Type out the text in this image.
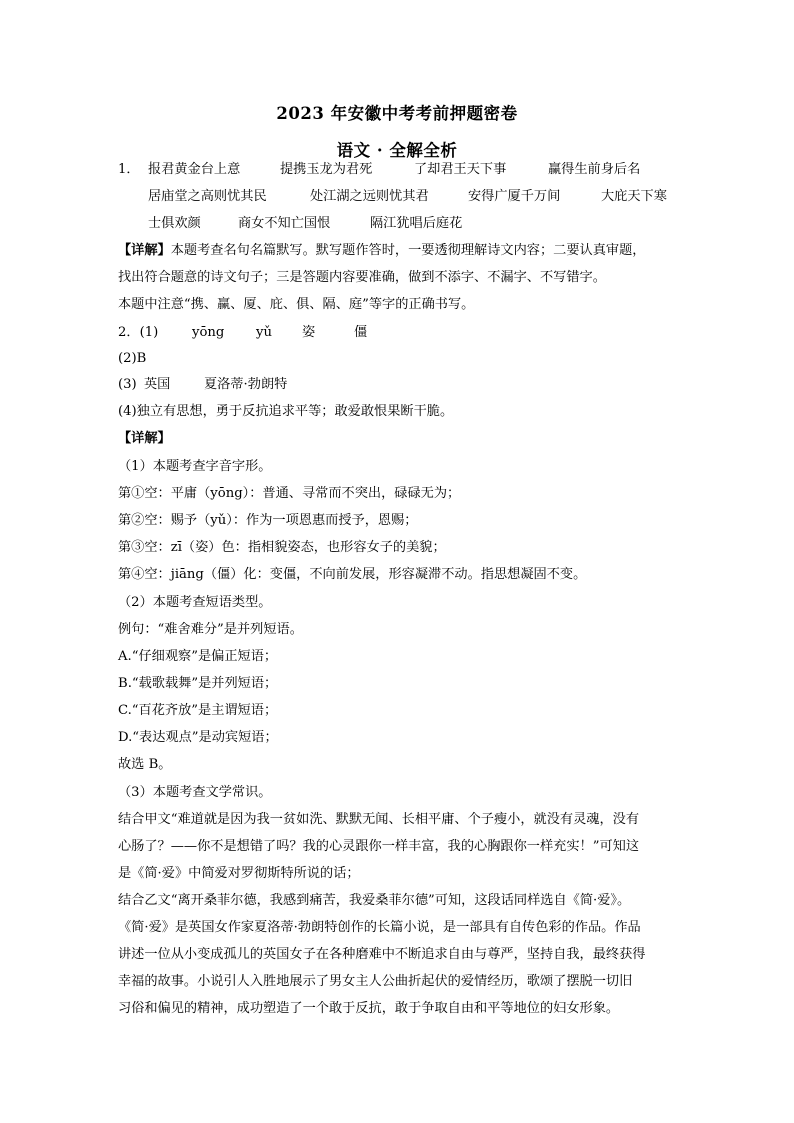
2023 年安徽中考考前押题密卷
语文 · 全解全析
1． 报君黄金台上意	提携玉龙为君死	了却君王天下事	赢得生前身后名
居庙堂之高则忧其民	处江湖之远则忧其君	安得广厦千万间	大庇天下寒
士俱欢颜	商女不知亡国恨	隔江犹唱后庭花
【详解】本题考查名句名篇默写。默写题作答时，一要透彻理解诗文内容；二要认真审题，
找出符合题意的诗文句子；三是答题内容要准确，做到不添字、不漏字、不写错字。
本题中注意“携、赢、厦、庇、俱、隔、庭”等字的正确书写。
2．(1)	yōng yǔ 姿	僵
(2)B
(3) 英国	夏洛蒂·勃朗特
(4)独立有思想，勇于反抗追求平等；敢爱敢恨果断干脆。
【详解】
（1）本题考查字音字形。
第①空：平庸（yōng）：普通、寻常而不突出，碌碌无为；
第②空：赐予（yǔ）：作为一项恩惠而授予，恩赐；
第③空：zī（姿）色：指相貌姿态，也形容女子的美貌；
第④空：jiāng（僵）化：变僵，不向前发展，形容凝滞不动。指思想凝固不变。
（2）本题考查短语类型。
例句：“难舍难分”是并列短语。
A.“仔细观察”是偏正短语；
B.“载歌载舞”是并列短语；
C.“百花齐放”是主谓短语；
D.“表达观点”是动宾短语；
故选 B。
（3）本题考查文学常识。
结合甲文“难道就是因为我一贫如洗、默默无闻、长相平庸、个子瘦小，就没有灵魂，没有
心肠了？——你不是想错了吗？我的心灵跟你一样丰富，我的心胸跟你一样充实！”可知这
是《简·爱》中简爱对罗彻斯特所说的话；
结合乙文“离开桑菲尔德，我感到痛苦，我爱桑菲尔德”可知，这段话同样选自《简·爱》。
《简·爱》是英国女作家夏洛蒂·勃朗特创作的长篇小说，是一部具有自传色彩的作品。作品
讲述一位从小变成孤儿的英国女子在各种磨难中不断追求自由与尊严，坚持自我，最终获得
幸福的故事。小说引人入胜地展示了男女主人公曲折起伏的爱情经历，歌颂了摆脱一切旧
习俗和偏见的精神，成功塑造了一个敢于反抗，敢于争取自由和平等地位的妇女形象。
